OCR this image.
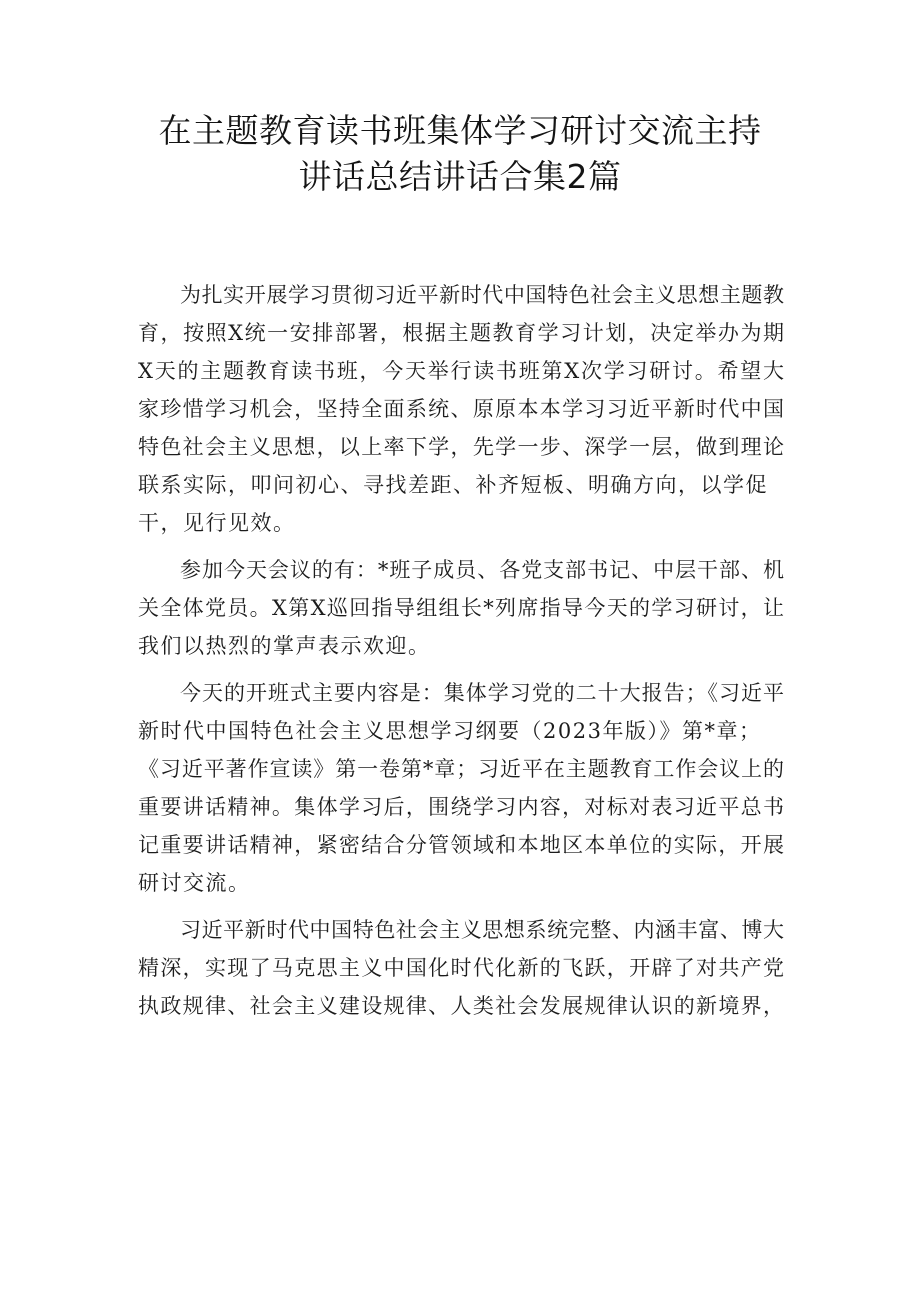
在主题教育读书班集体学习研讨交流主持
讲话总结讲话合集2篇
为扎实开展学习贯彻习近平新时代中国特色社会主义思想主题教
育，按照X统一安排部署，根据主题教育学习计划，决定举办为期
X天的主题教育读书班，今天举行读书班第X次学习研讨。希望大
家珍惜学习机会，坚持全面系统、原原本本学习习近平新时代中国
特色社会主义思想，以上率下学，先学一步、深学一层，做到理论
联系实际，叩问初心、寻找差距、补齐短板、明确方向，以学促
干，见行见效。
参加今天会议的有：*班子成员、各党支部书记、中层干部、机
关全体党员。X第X巡回指导组组长*列席指导今天的学习研讨，让
我们以热烈的掌声表示欢迎。
今天的开班式主要内容是：集体学习党的二十大报告；《习近平
新时代中国特色社会主义思想学习纲要（2023年版）》第*章；
《习近平著作宣读》第一卷第*章；习近平在主题教育工作会议上的
重要讲话精神。集体学习后，围绕学习内容，对标对表习近平总书
记重要讲话精神，紧密结合分管领域和本地区本单位的实际，开展
研讨交流。
习近平新时代中国特色社会主义思想系统完整、内涵丰富、博大
精深，实现了马克思主义中国化时代化新的飞跃，开辟了对共产党
执政规律、社会主义建设规律、人类社会发展规律认识的新境界，
